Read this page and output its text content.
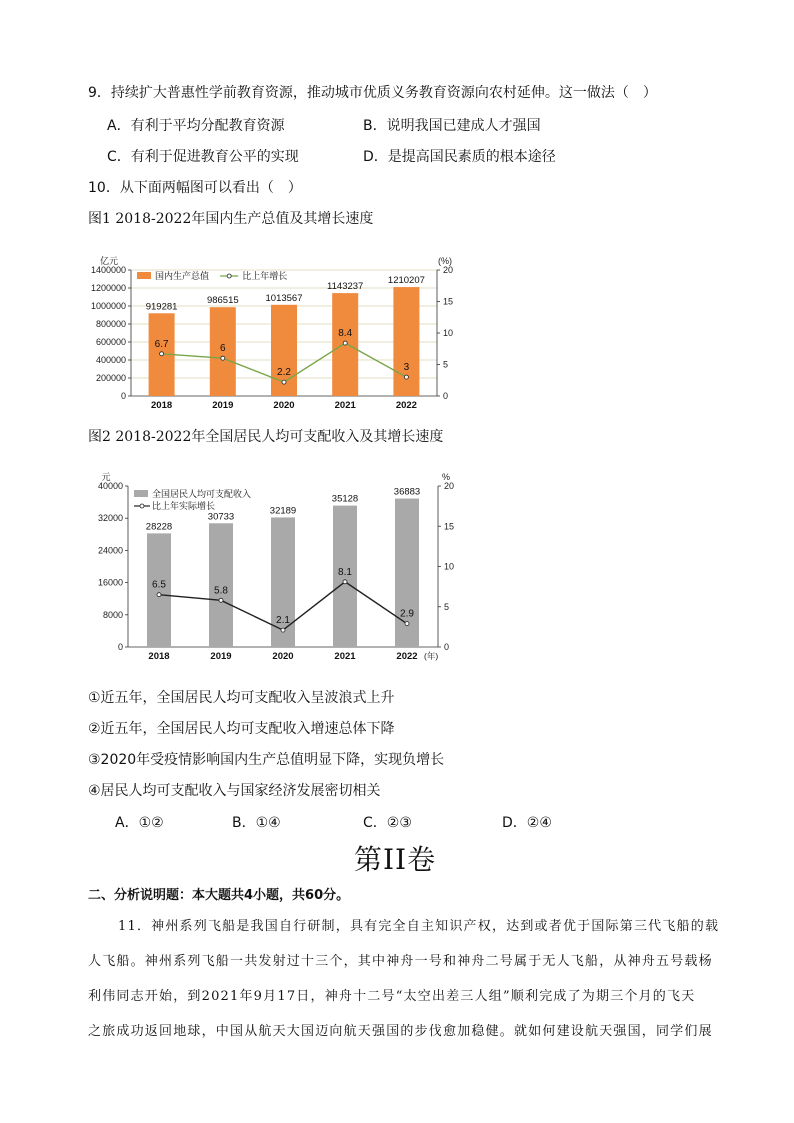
9．持续扩大普惠性学前教育资源，推动城市优质义务教育资源向农村延伸。这一做法（　）
A．有利于平均分配教育资源	B．说明我国已建成人才强国
C．有利于促进教育公平的实现	D．是提高国民素质的根本途径
10．从下面两幅图可以看出（　）
图1 2018-2022年国内生产总值及其增长速度
亿元	(%)
0
200000
400000
600000
800000
1000000
1200000
1400000
0
5
10
15
20
919281
986515	1013567
1143237
1210207
2018	2019	2020	2021	2022
6.7	6
2.2
8.4
3
国内生产总值	比上年增长
图2 2018-2022年全国居民人均可支配收入及其增长速度
元	%
0
8000
16000
24000
32000
40000
0
5
10
15
20
28228
30733
32189
35128
36883
2018	2019	2020	2021	2022 (年)
6.5
5.8
2.1
8.1
2.9
全国居民人均可支配收入
比上年实际增长
①近五年，全国居民人均可支配收入呈波浪式上升
②近五年，全国居民人均可支配收入增速总体下降
③2020年受疫情影响国内生产总值明显下降，实现负增长
④居民人均可支配收入与国家经济发展密切相关
A．①②	B．①④	C．②③	D．②④
第II卷
二、分析说明题：本大题共4小题，共60分。
11．神州系列飞船是我国自行研制，具有完全自主知识产权，达到或者优于国际第三代飞船的载
人飞船。神州系列飞船一共发射过十三个，其中神舟一号和神舟二号属于无人飞船，从神舟五号载杨
利伟同志开始，到2021年9月17日，神舟十二号“太空出差三人组”顺利完成了为期三个月的飞天
之旅成功返回地球，中国从航天大国迈向航天强国的步伐愈加稳健。就如何建设航天强国，同学们展
